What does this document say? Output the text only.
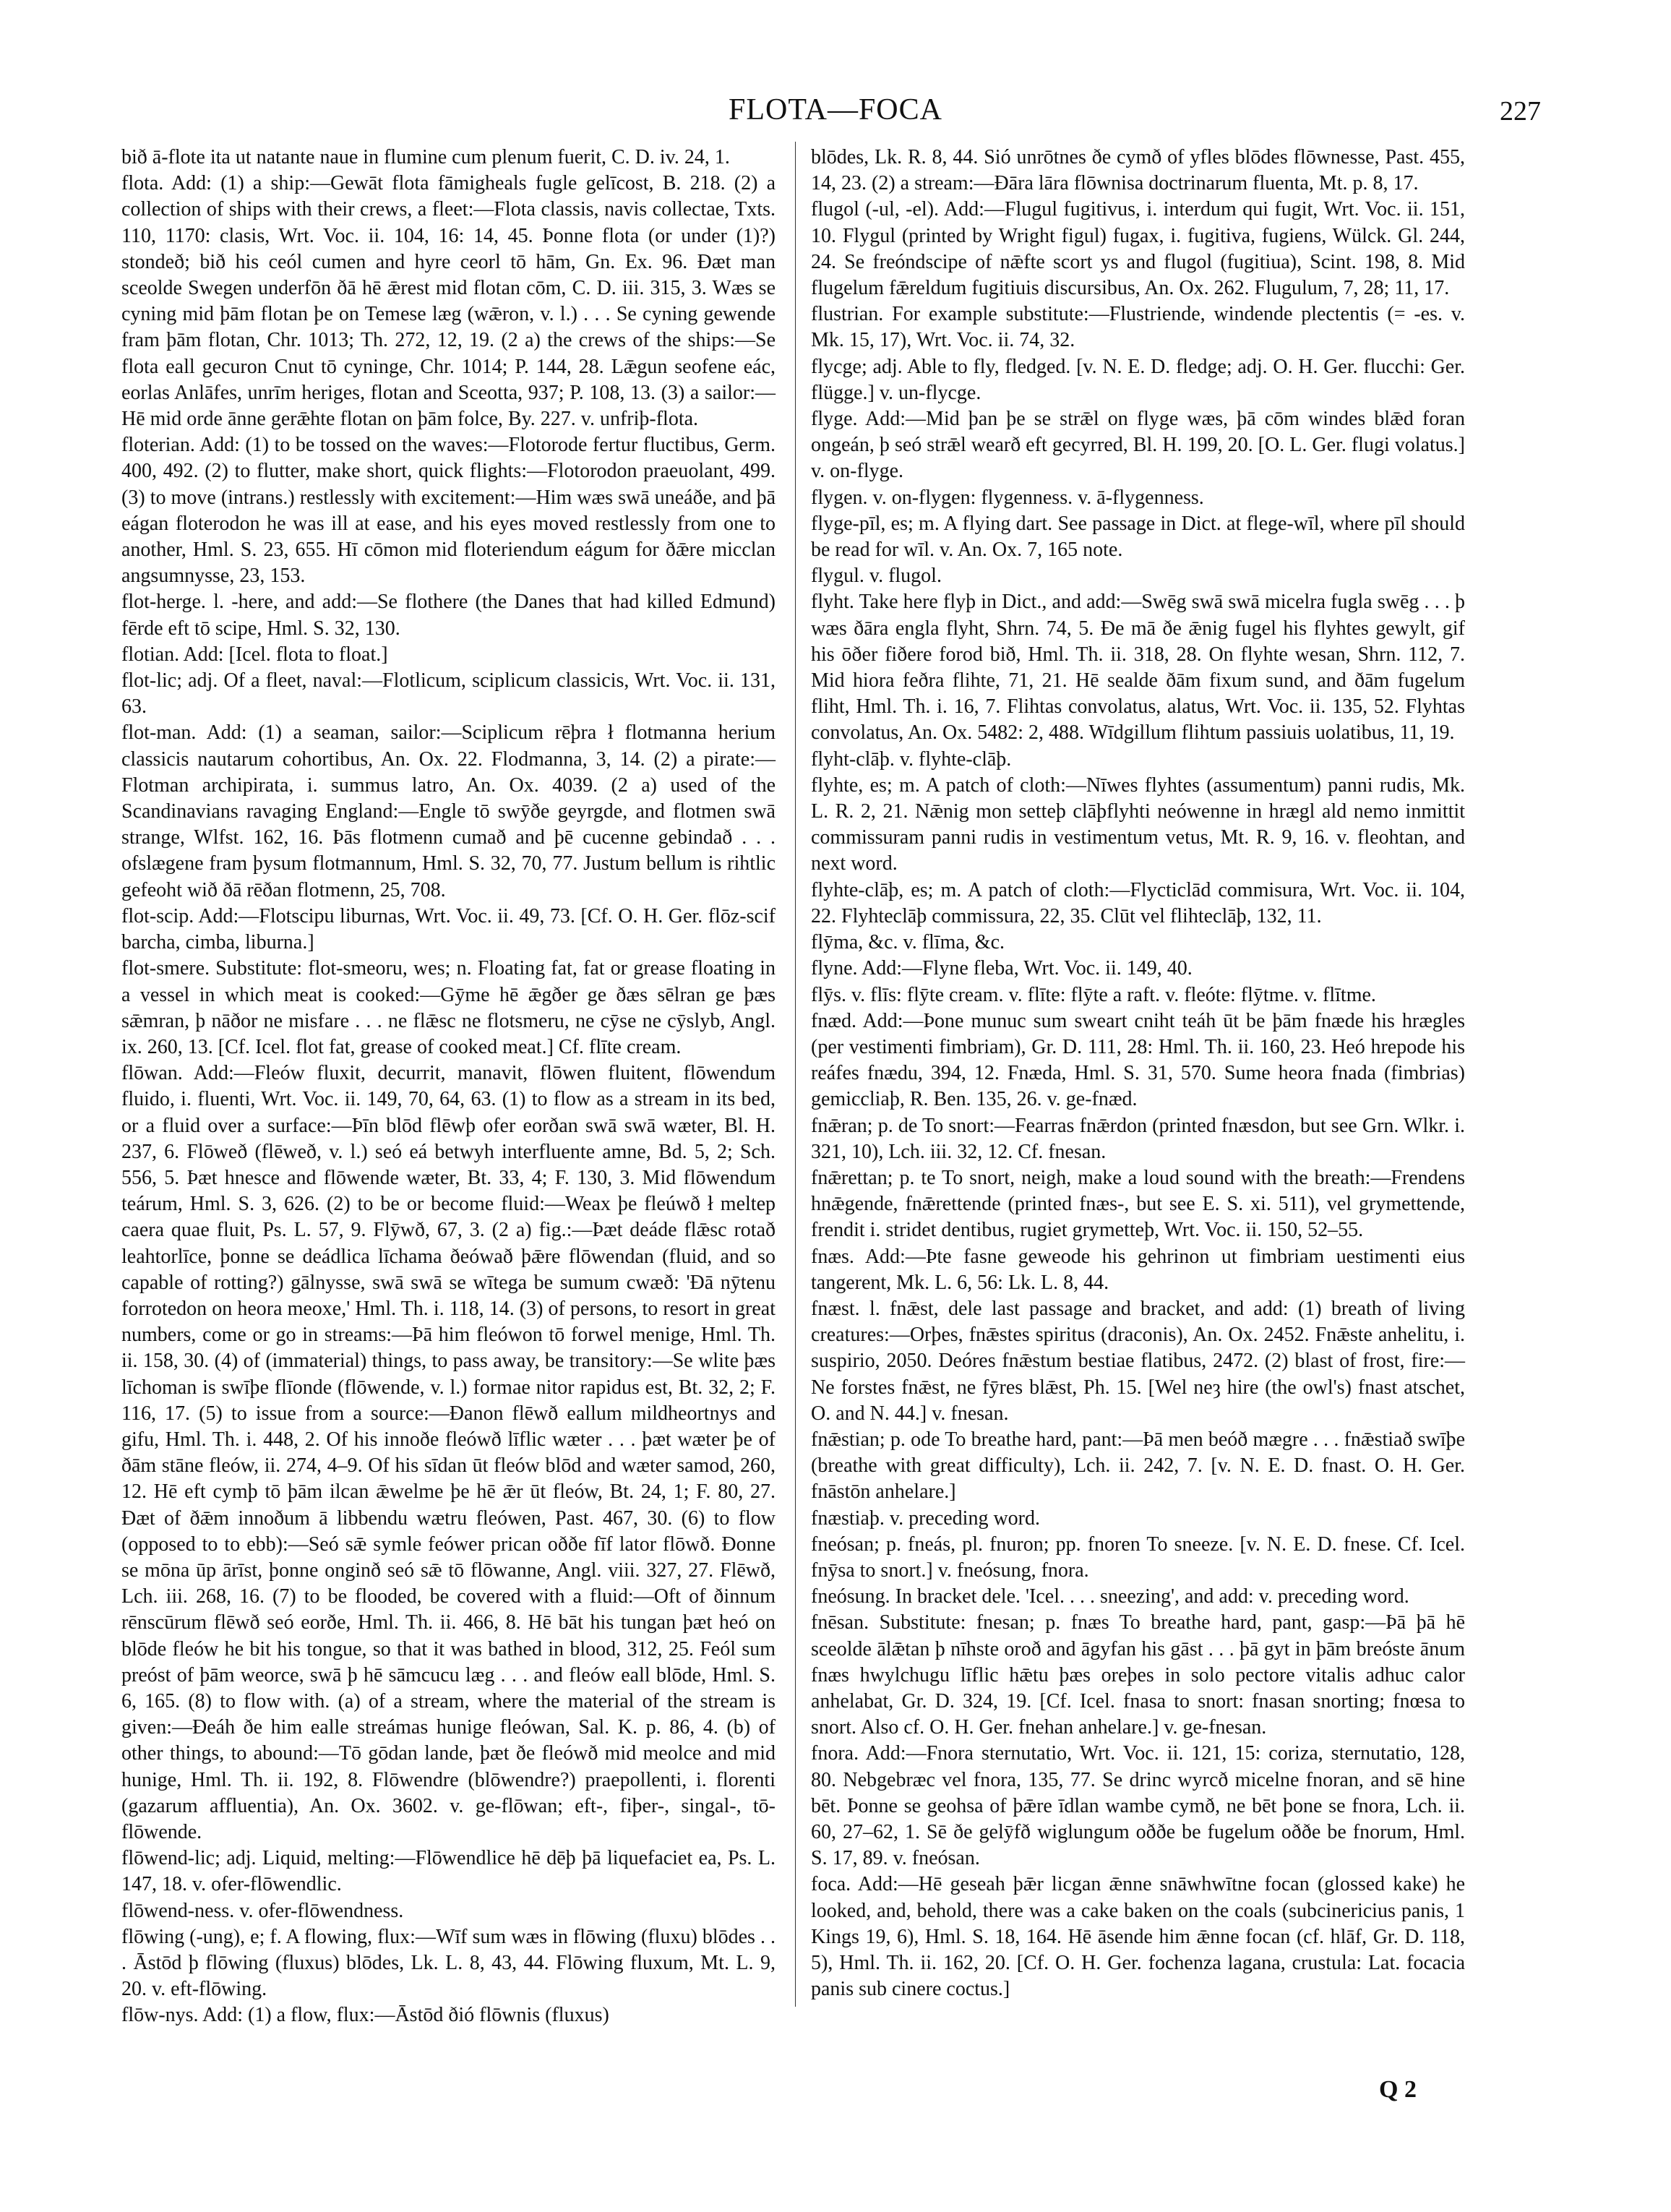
FLOTA—FOCA	227

bið ā-flote ita ut natante naue in flumine cum plenum fuerit, C. D. iv. 24, 1.

flota. Add: (1) a ship:—Gewāt flota fāmigheals fugle gelīcost, B. 218. (2) a collection of ships with their crews, a fleet:—Flota classis, navis collectae, Txts. 110, 1170: clasis, Wrt. Voc. ii. 104, 16: 14, 45. Þonne flota (or under (1)?) stondeð; bið his ceól cumen and hyre ceorl tō hām, Gn. Ex. 96. Ðæt man sceolde Swegen underfōn ðā hē ǣrest mid flotan cōm, C. D. iii. 315, 3. Wæs se cyning mid þām flotan þe on Temese læg (wǣron, v. l.) . . . Se cyning gewende fram þām flotan, Chr. 1013; Th. 272, 12, 19. (2 a) the crews of the ships:—Se flota eall gecuron Cnut tō cyninge, Chr. 1014; P. 144, 28. Lǣgun seofene eác, eorlas Anlāfes, unrīm heriges, flotan and Sceotta, 937; P. 108, 13. (3) a sailor:—Hē mid orde ānne gerǣhte flotan on þām folce, By. 227. v. unfriþ-flota.

floterian. Add: (1) to be tossed on the waves:—Flotorode fertur fluctibus, Germ. 400, 492. (2) to flutter, make short, quick flights:—Flotorodon praeuolant, 499. (3) to move (intrans.) restlessly with excitement:—Him wæs swā uneáðe, and þā eágan floterodon he was ill at ease, and his eyes moved restlessly from one to another, Hml. S. 23, 655. Hī cōmon mid floteriendum eágum for ðǣre micclan angsumnysse, 23, 153.

flot-herge. l. -here, and add:—Se flothere (the Danes that had killed Edmund) fērde eft tō scipe, Hml. S. 32, 130.

flotian. Add: [Icel. flota to float.]

flot-lic; adj. Of a fleet, naval:—Flotlicum, sciplicum classicis, Wrt. Voc. ii. 131, 63.

flot-man. Add: (1) a seaman, sailor:—Sciplicum rēþra ł flotmanna herium classicis nautarum cohortibus, An. Ox. 22. Flodmanna, 3, 14. (2) a pirate:—Flotman archipirata, i. summus latro, An. Ox. 4039. (2 a) used of the Scandinavians ravaging England:—Engle tō swȳðe geyrgde, and flotmen swā strange, Wlfst. 162, 16. Þās flotmenn cumað and þē cucenne gebindað . . . ofslægene fram þysum flotmannum, Hml. S. 32, 70, 77. Justum bellum is rihtlic gefeoht wið ðā rēðan flotmenn, 25, 708.

flot-scip. Add:—Flotscipu liburnas, Wrt. Voc. ii. 49, 73. [Cf. O. H. Ger. flōz-scif barcha, cimba, liburna.]

flot-smere. Substitute: flot-smeoru, wes; n. Floating fat, fat or grease floating in a vessel in which meat is cooked:—Gȳme hē ǣgðer ge ðæs sēlran ge þæs sǣmran, þ nāðor ne misfare . . . ne flǣsc ne flotsmeru, ne cȳse ne cȳslyb, Angl. ix. 260, 13. [Cf. Icel. flot fat, grease of cooked meat.] Cf. flīte cream.

flōwan. Add:—Fleów fluxit, decurrit, manavit, flōwen fluitent, flōwendum fluido, i. fluenti, Wrt. Voc. ii. 149, 70, 64, 63. (1) to flow as a stream in its bed, or a fluid over a surface:—Þīn blōd flēwþ ofer eorðan swā swā wæter, Bl. H. 237, 6. Flōweð (flēweð, v. l.) seó eá betwyh interfluente amne, Bd. 5, 2; Sch. 556, 5. Þæt hnesce and flōwende wæter, Bt. 33, 4; F. 130, 3. Mid flōwendum teárum, Hml. S. 3, 626. (2) to be or become fluid:—Weax þe fleúwð ł meltep caera quae fluit, Ps. L. 57, 9. Flȳwð, 67, 3. (2 a) fig.:—Þæt deáde flǣsc rotað leahtorlīce, þonne se deádlica līchama ðeówað þǣre flōwendan (fluid, and so capable of rotting?) gālnysse, swā swā se wītega be sumum cwæð: 'Ðā nȳtenu forrotedon on heora meoxe,' Hml. Th. i. 118, 14. (3) of persons, to resort in great numbers, come or go in streams:—Þā him fleówon tō forwel menige, Hml. Th. ii. 158, 30. (4) of (immaterial) things, to pass away, be transitory:—Se wlite þæs līchoman is swīþe flīonde (flōwende, v. l.) formae nitor rapidus est, Bt. 32, 2; F. 116, 17. (5) to issue from a source:—Ðanon flēwð eallum mildheortnys and gifu, Hml. Th. i. 448, 2. Of his innoðe fleówð līflic wæter . . . þæt wæter þe of ðām stāne fleów, ii. 274, 4–9. Of his sīdan ūt fleów blōd and wæter samod, 260, 12. Hē eft cymþ tō þām ilcan ǣwelme þe hē ǣr ūt fleów, Bt. 24, 1; F. 80, 27. Ðæt of ðǣm innoðum ā libbendu wætru fleówen, Past. 467, 30. (6) to flow (opposed to to ebb):—Seó sǣ symle feówer prican oððe fīf lator flōwð. Ðonne se mōna ūp ārīst, þonne onginð seó sǣ tō flōwanne, Angl. viii. 327, 27. Flēwð, Lch. iii. 268, 16. (7) to be flooded, be covered with a fluid:—Oft of ðinnum rēnscūrum flēwð seó eorðe, Hml. Th. ii. 466, 8. Hē bāt his tungan þæt heó on blōde fleów he bit his tongue, so that it was bathed in blood, 312, 25. Feól sum preóst of þām weorce, swā þ hē sāmcucu læg . . . and fleów eall blōde, Hml. S. 6, 165. (8) to flow with. (a) of a stream, where the material of the stream is given:—Ðeáh ðe him ealle streámas hunige fleówan, Sal. K. p. 86, 4. (b) of other things, to abound:—Tō gōdan lande, þæt ðe fleówð mid meolce and mid hunige, Hml. Th. ii. 192, 8. Flōwendre (blōwendre?) praepollenti, i. florenti (gazarum affluentia), An. Ox. 3602. v. ge-flōwan; eft-, fiþer-, singal-, tō-flōwende.

flōwend-lic; adj. Liquid, melting:—Flōwendlice hē dēþ þā liquefaciet ea, Ps. L. 147, 18. v. ofer-flōwendlic.

flōwend-ness. v. ofer-flōwendness.

flōwing (-ung), e; f. A flowing, flux:—Wīf sum wæs in flōwing (fluxu) blōdes . . . Āstōd þ flōwing (fluxus) blōdes, Lk. L. 8, 43, 44. Flōwing fluxum, Mt. L. 9, 20. v. eft-flōwing.

flōw-nys. Add: (1) a flow, flux:—Āstōd ðió flōwnis (fluxus)

blōdes, Lk. R. 8, 44. Sió unrōtnes ðe cymð of yfles blōdes flōwnesse, Past. 455, 14, 23. (2) a stream:—Ðāra lāra flōwnisa doctrinarum fluenta, Mt. p. 8, 17.

flugol (-ul, -el). Add:—Flugul fugitivus, i. interdum qui fugit, Wrt. Voc. ii. 151, 10. Flygul (printed by Wright figul) fugax, i. fugitiva, fugiens, Wülck. Gl. 244, 24. Se freóndscipe of nǣfte scort ys and flugol (fugitiua), Scint. 198, 8. Mid flugelum fǣreldum fugitiuis discursibus, An. Ox. 262. Flugulum, 7, 28; 11, 17.

flustrian. For example substitute:—Flustriende, windende plectentis (= -es. v. Mk. 15, 17), Wrt. Voc. ii. 74, 32.

flycge; adj. Able to fly, fledged. [v. N. E. D. fledge; adj. O. H. Ger. flucchi: Ger. flügge.] v. un-flycge.

flyge. Add:—Mid þan þe se strǣl on flyge wæs, þā cōm windes blǣd foran ongeán, þ seó strǣl wearð eft gecyrred, Bl. H. 199, 20. [O. L. Ger. flugi volatus.] v. on-flyge.

flygen. v. on-flygen: flygenness. v. ā-flygenness.

flyge-pīl, es; m. A flying dart. See passage in Dict. at flege-wīl, where pīl should be read for wīl. v. An. Ox. 7, 165 note.

flygul. v. flugol.

flyht. Take here flyþ in Dict., and add:—Swēg swā swā micelra fugla swēg . . . þ wæs ðāra engla flyht, Shrn. 74, 5. Ðe mā ðe ǣnig fugel his flyhtes gewylt, gif his ōðer fiðere forod bið, Hml. Th. ii. 318, 28. On flyhte wesan, Shrn. 112, 7. Mid hiora feðra flihte, 71, 21. Hē sealde ðām fixum sund, and ðām fugelum fliht, Hml. Th. i. 16, 7. Flihtas convolatus, alatus, Wrt. Voc. ii. 135, 52. Flyhtas convolatus, An. Ox. 5482: 2, 488. Wīdgillum flihtum passiuis uolatibus, 11, 19.

flyht-clāþ. v. flyhte-clāþ.

flyhte, es; m. A patch of cloth:—Nīwes flyhtes (assumentum) panni rudis, Mk. L. R. 2, 21. Nǣnig mon setteþ clāþflyhti neówenne in hrægl ald nemo inmittit commissuram panni rudis in vestimentum vetus, Mt. R. 9, 16. v. fleohtan, and next word.

flyhte-clāþ, es; m. A patch of cloth:—Flycticlād commisura, Wrt. Voc. ii. 104, 22. Flyhteclāþ commissura, 22, 35. Clūt vel flihteclāþ, 132, 11.

flȳma, &c. v. flīma, &c.

flyne. Add:—Flyne fleba, Wrt. Voc. ii. 149, 40.

flȳs. v. flīs: flȳte cream. v. flīte: flȳte a raft. v. fleóte: flȳtme. v. flītme.

fnæd. Add:—Þone munuc sum sweart cniht teáh ūt be þām fnæde his hrægles (per vestimenti fimbriam), Gr. D. 111, 28: Hml. Th. ii. 160, 23. Heó hrepode his reáfes fnædu, 394, 12. Fnæda, Hml. S. 31, 570. Sume heora fnada (fimbrias) gemiccliaþ, R. Ben. 135, 26. v. ge-fnæd.

fnǣran; p. de To snort:—Fearras fnǣrdon (printed fnæsdon, but see Grn. Wlkr. i. 321, 10), Lch. iii. 32, 12. Cf. fnesan.

fnǣrettan; p. te To snort, neigh, make a loud sound with the breath:—Frendens hnǣgende, fnǣrettende (printed fnæs-, but see E. S. xi. 511), vel grymettende, frendit i. stridet dentibus, rugiet grymetteþ, Wrt. Voc. ii. 150, 52–55.

fnæs. Add:—Þte fasne geweode his gehrinon ut fimbriam uestimenti eius tangerent, Mk. L. 6, 56: Lk. L. 8, 44.

fnæst. l. fnǣst, dele last passage and bracket, and add: (1) breath of living creatures:—Orþes, fnǣstes spiritus (draconis), An. Ox. 2452. Fnǣste anhelitu, i. suspirio, 2050. Deóres fnǣstum bestiae flatibus, 2472. (2) blast of frost, fire:—Ne forstes fnǣst, ne fȳres blǣst, Ph. 15. [Wel neȝ hire (the owl's) fnast atschet, O. and N. 44.] v. fnesan.

fnǣstian; p. ode To breathe hard, pant:—Þā men beóð mægre . . . fnǣstiað swīþe (breathe with great difficulty), Lch. ii. 242, 7. [v. N. E. D. fnast. O. H. Ger. fnāstōn anhelare.]

fnæstiaþ. v. preceding word.

fneósan; p. fneás, pl. fnuron; pp. fnoren To sneeze. [v. N. E. D. fnese. Cf. Icel. fnȳsa to snort.] v. fneósung, fnora.

fneósung. In bracket dele. 'Icel. . . . sneezing', and add: v. preceding word.

fnēsan. Substitute: fnesan; p. fnæs To breathe hard, pant, gasp:—Þā þā hē sceolde ālǣtan þ nīhste oroð and āgyfan his gāst . . . þā gyt in þām breóste ānum fnæs hwylchugu līflic hǣtu þæs oreþes in solo pectore vitalis adhuc calor anhelabat, Gr. D. 324, 19. [Cf. Icel. fnasa to snort: fnasan snorting; fnœsa to snort. Also cf. O. H. Ger. fnehan anhelare.] v. ge-fnesan.

fnora. Add:—Fnora sternutatio, Wrt. Voc. ii. 121, 15: coriza, sternutatio, 128, 80. Nebgebræc vel fnora, 135, 77. Se drinc wyrcð micelne fnoran, and sē hine bēt. Þonne se geohsa of þǣre īdlan wambe cymð, ne bēt þone se fnora, Lch. ii. 60, 27–62, 1. Sē ðe gelȳfð wiglungum oððe be fugelum oððe be fnorum, Hml. S. 17, 89. v. fneósan.

foca. Add:—Hē geseah þǣr licgan ǣnne snāwhwītne focan (glossed kake) he looked, and, behold, there was a cake baken on the coals (subcinericius panis, 1 Kings 19, 6), Hml. S. 18, 164. Hē āsende him ǣnne focan (cf. hlāf, Gr. D. 118, 5), Hml. Th. ii. 162, 20. [Cf. O. H. Ger. fochenza lagana, crustula: Lat. focacia panis sub cinere coctus.]

Q 2
